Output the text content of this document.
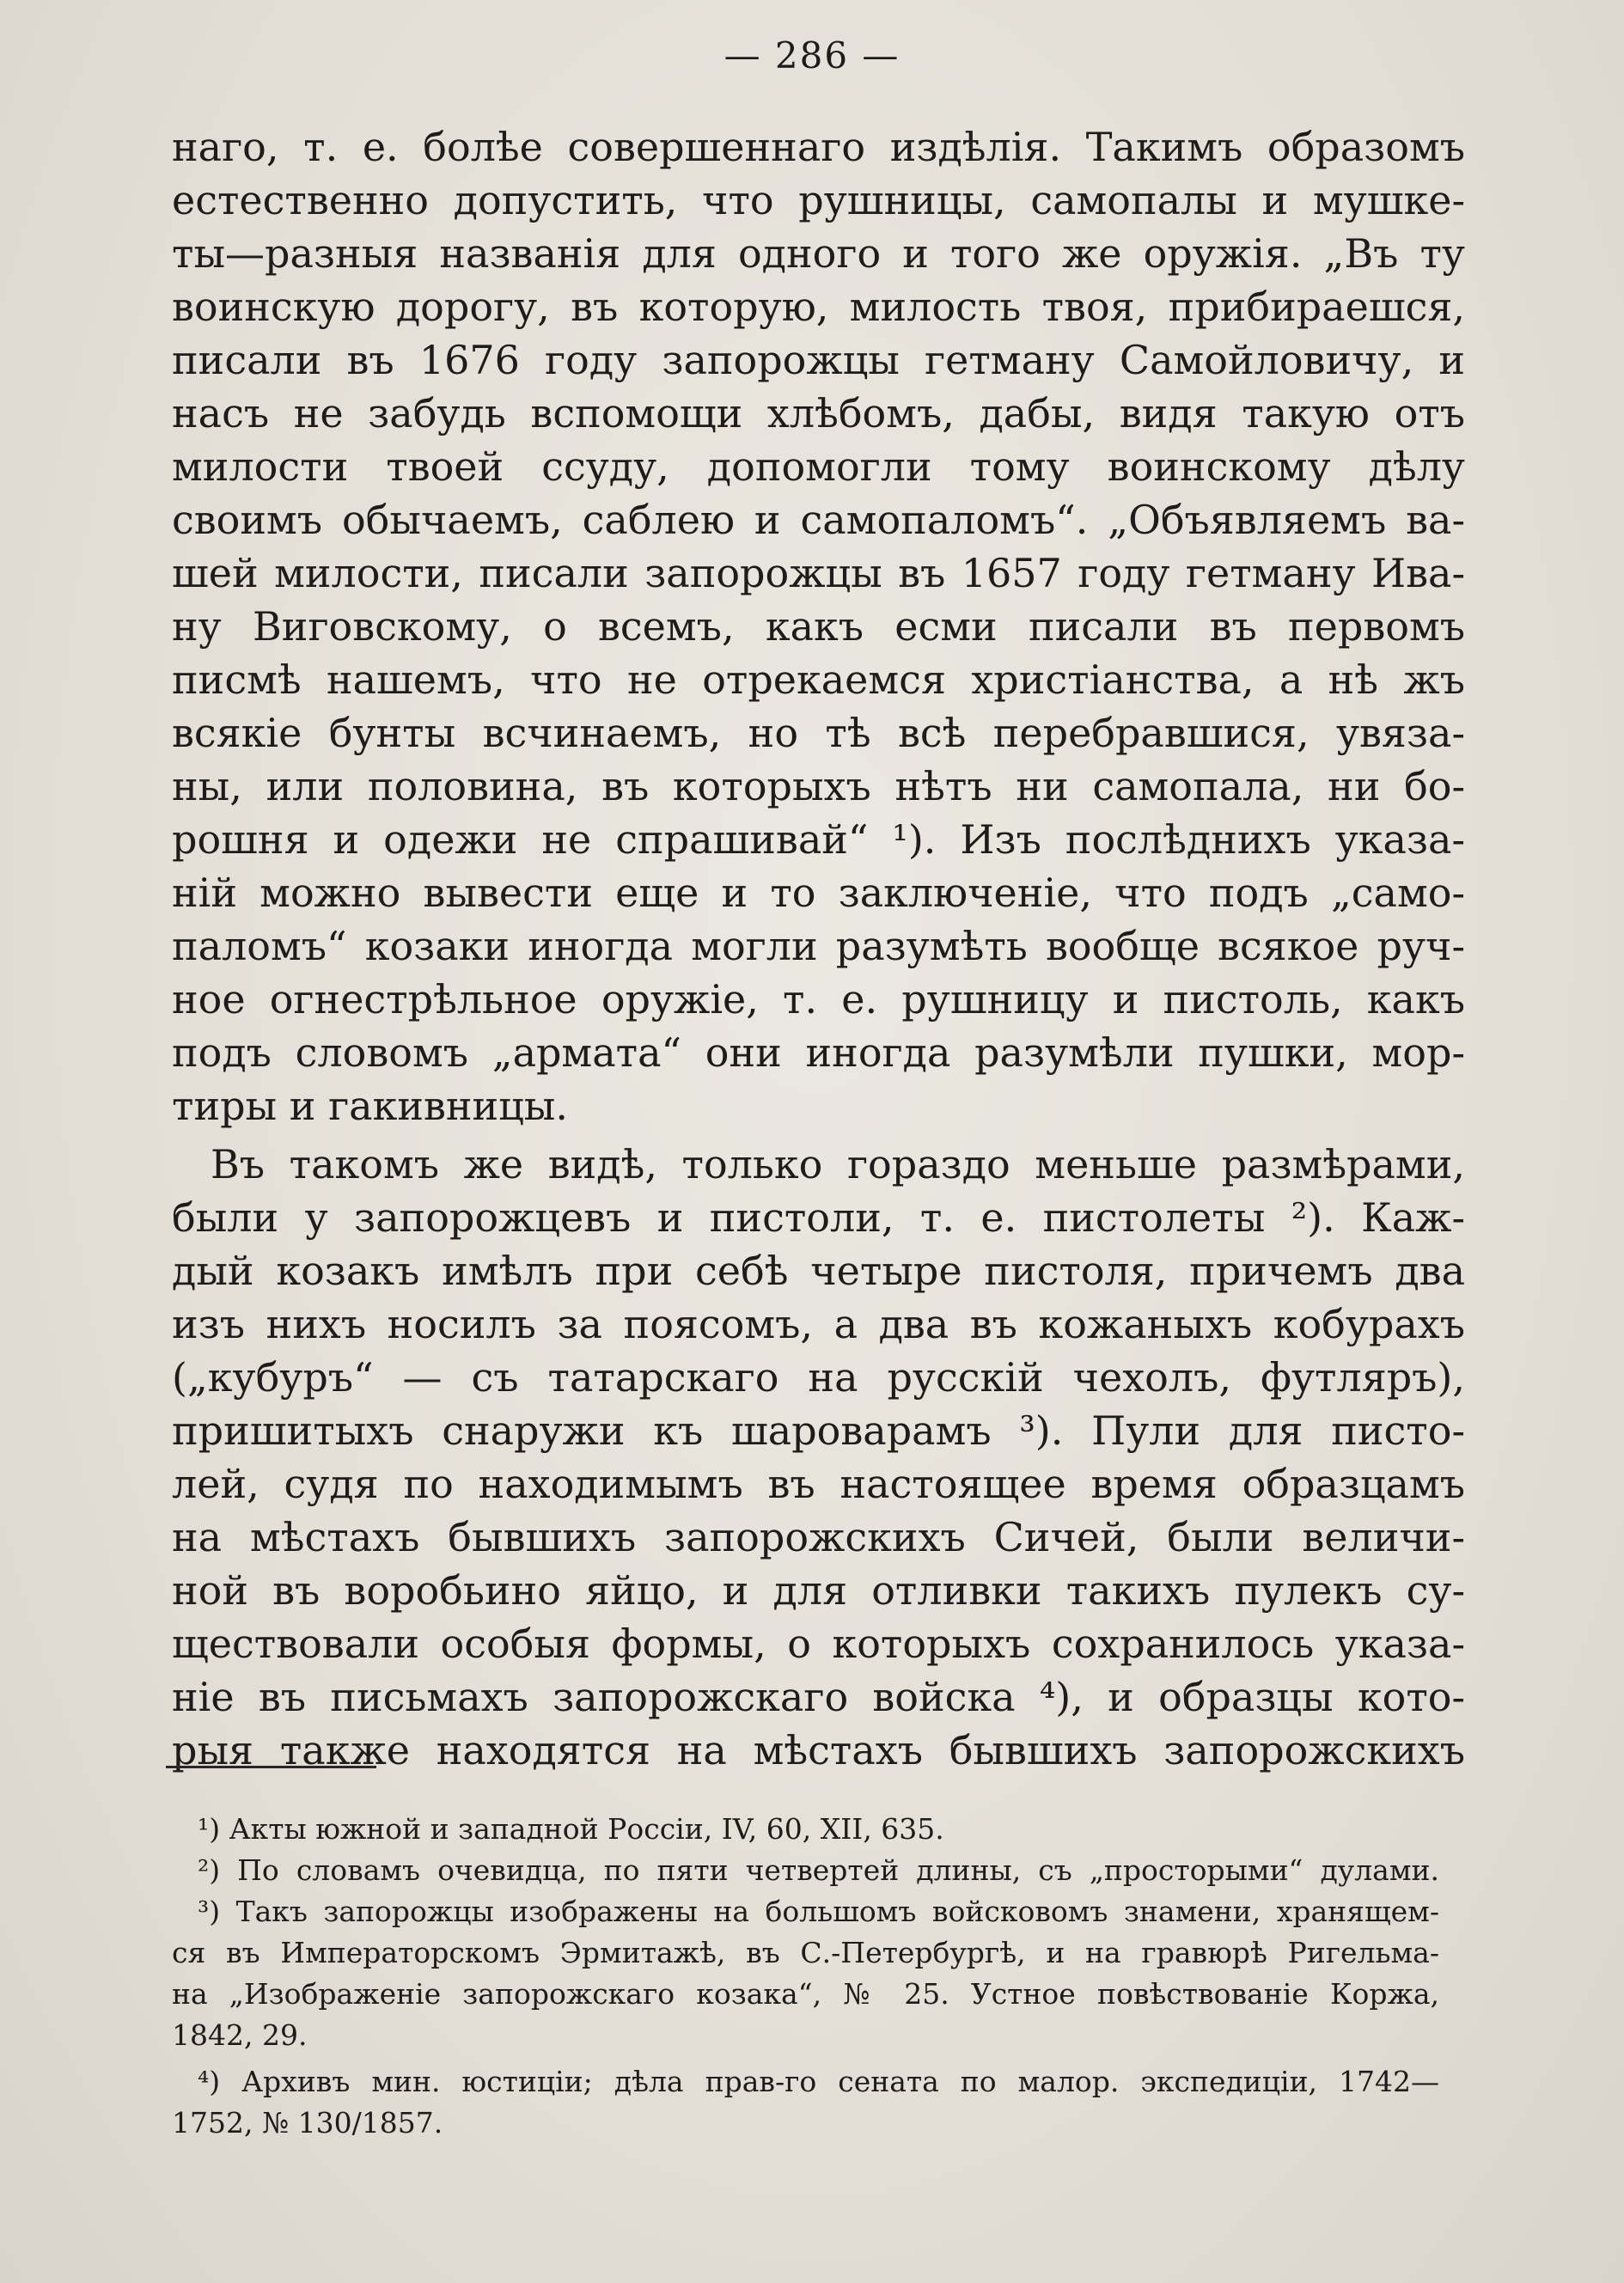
— 286 —
наго, т. е. болѣе совершеннаго издѣлія. Такимъ образомъ
естественно допустить, что рушницы, самопалы и мушке-
ты—разныя названія для одного и того же оружія. „Въ ту
воинскую дорогу, въ которую, милость твоя, прибираешся,
писали въ 1676 году запорожцы гетману Самойловичу, и
насъ не забудь вспомощи хлѣбомъ, дабы, видя такую отъ
милости твоей ссуду, допомогли тому воинскому дѣлу
своимъ обычаемъ, саблею и самопаломъ“. „Объявляемъ ва-
шей милости, писали запорожцы въ 1657 году гетману Ива-
ну Виговскому, о всемъ, какъ есми писали въ первомъ
писмѣ нашемъ, что не отрекаемся христіанства, а нѣ жъ
всякіе бунты всчинаемъ, но тѣ всѣ перебравшися, увяза-
ны, или половина, въ которыхъ нѣтъ ни самопала, ни бо-
рошня и одежи не спрашивай“ ¹). Изъ послѣднихъ указа-
ній можно вывести еще и то заключеніе, что подъ „само-
паломъ“ козаки иногда могли разумѣть вообще всякое руч-
ное огнестрѣльное оружіе, т. е. рушницу и пистоль, какъ
подъ словомъ „армата“ они иногда разумѣли пушки, мор-
тиры и гакивницы.
Въ такомъ же видѣ, только гораздо меньше размѣрами,
были у запорожцевъ и пистоли, т. е. пистолеты ²). Каж-
дый козакъ имѣлъ при себѣ четыре пистоля, причемъ два
изъ нихъ носилъ за поясомъ, а два въ кожаныхъ кобурахъ
(„кубуръ“ — съ татарскаго на русскій чехолъ, футляръ),
пришитыхъ снаружи къ шароварамъ ³). Пули для писто-
лей, судя по находимымъ въ настоящее время образцамъ
на мѣстахъ бывшихъ запорожскихъ Сичей, были величи-
ной въ воробьино яйцо, и для отливки такихъ пулекъ су-
ществовали особыя формы, о которыхъ сохранилось указа-
ніе въ письмахъ запорожскаго войска ⁴), и образцы кото-
рыя также находятся на мѣстахъ бывшихъ запорожскихъ
¹) Акты южной и западной Россіи, IV, 60, XII, 635.
²) По словамъ очевидца, по пяти четвертей длины, съ „просторыми“ дулами.
³) Такъ запорожцы изображены на большомъ войсковомъ знамени, хранящем-
ся въ Императорскомъ Эрмитажѣ, въ С.-Петербургѣ, и на гравюрѣ Ригельма-
на „Изображеніе запорожскаго козака“, № 25. Устное повѣствованіе Коржа,
1842, 29.
⁴) Архивъ мин. юстиціи; дѣла прав-го сената по малор. экспедиціи, 1742—
1752, № 130/1857.
